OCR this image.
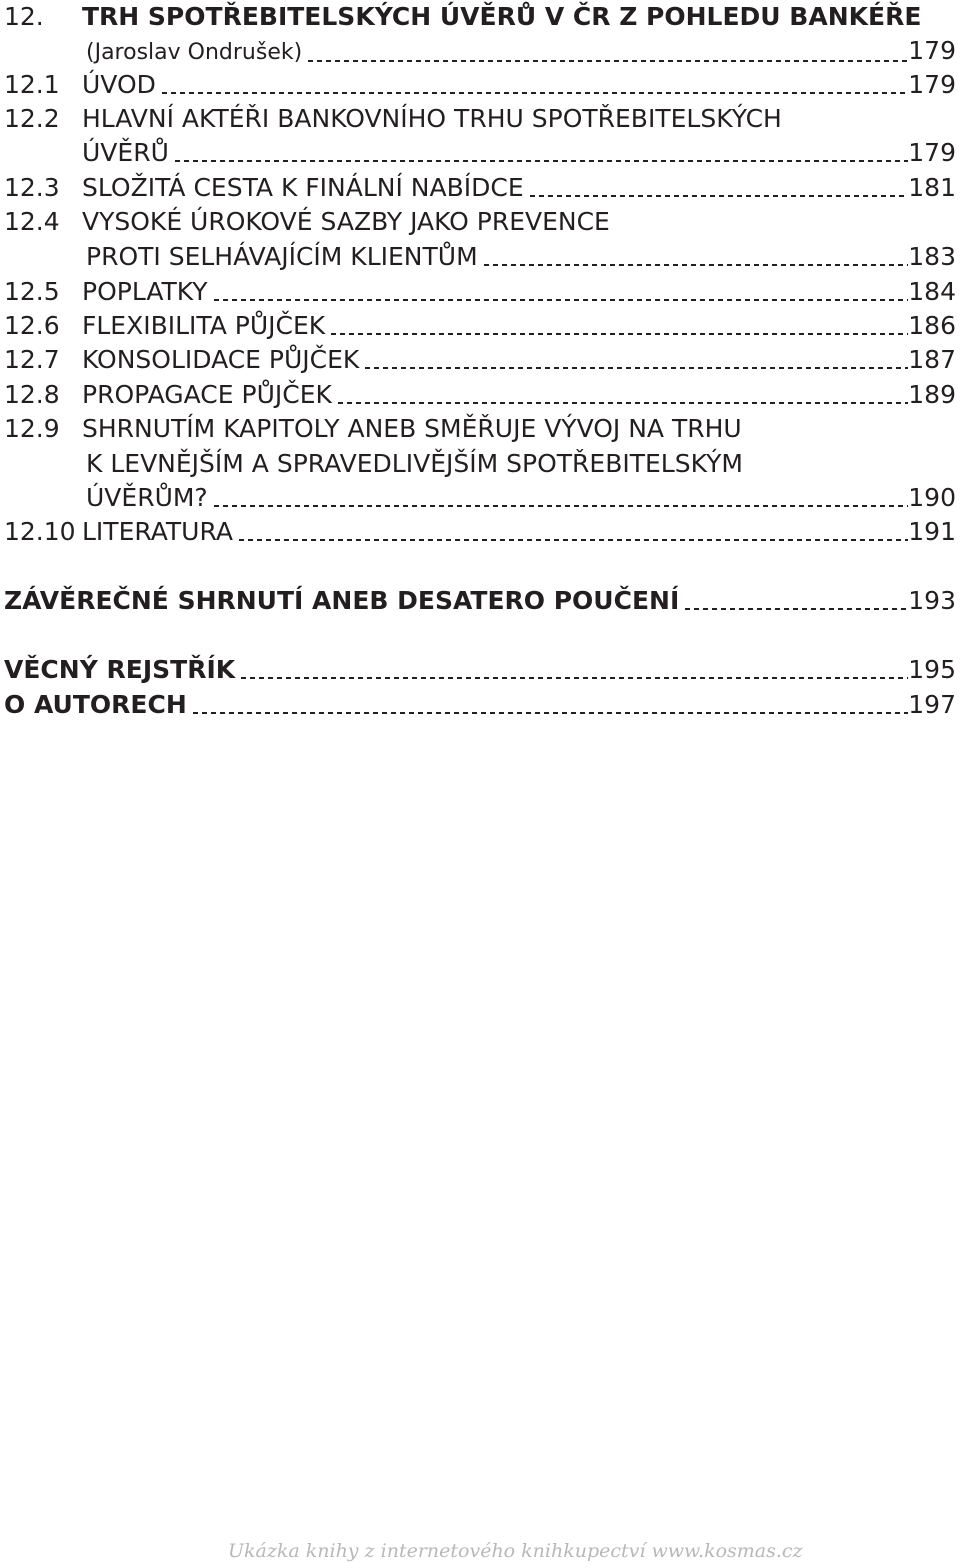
12. TRH SPOTŘEBITELSKÝCH ÚVĚRŮ V ČR Z POHLEDU BANKÉŘE
(Jaroslav Ondrušek)	179
12.1 ÚVOD	179
12.2 HLAVNÍ AKTÉŘI BANKOVNÍHO TRHU SPOTŘEBITELSKÝCH
ÚVĚRŮ	179
12.3 SLOŽITÁ CESTA K FINÁLNÍ NABÍDCE	181
12.4 VYSOKÉ ÚROKOVÉ SAZBY JAKO PREVENCE
PROTI SELHÁVAJÍCÍM KLIENTŮM	183
12.5 POPLATKY	184
12.6 FLEXIBILITA PŮJČEK	186
12.7 KONSOLIDACE PŮJČEK	187
12.8 PROPAGACE PŮJČEK	189
12.9 SHRNUTÍM KAPITOLY ANEB SMĚŘUJE VÝVOJ NA TRHU
K LEVNĚJŠÍM A SPRAVEDLIVĚJŠÍM SPOTŘEBITELSKÝM
ÚVĚRŮM?	190
12.10 LITERATURA	191
ZÁVĚREČNÉ SHRNUTÍ ANEB DESATERO POUČENÍ	193
VĚCNÝ REJSTŘÍK	195
O AUTORECH	197
Ukázka knihy z internetového knihkupectví www.kosmas.cz
